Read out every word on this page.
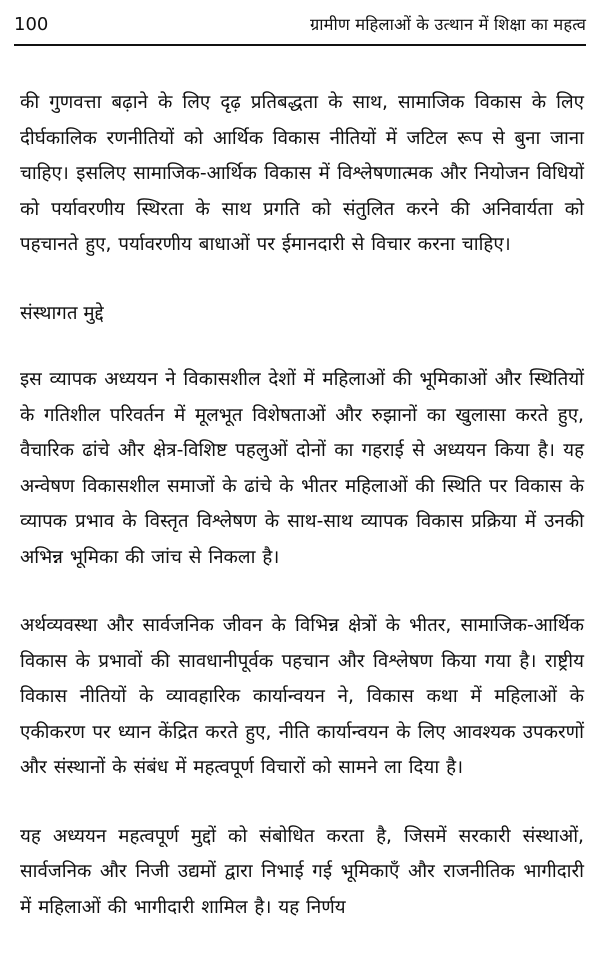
100	ग्रामीण महिलाओं के उत्थान में शिक्षा का महत्व

की गुणवत्ता बढ़ाने के लिए दृढ़ प्रतिबद्धता के साथ, सामाजिक विकास के लिए दीर्घकालिक रणनीतियों को आर्थिक विकास नीतियों में जटिल रूप से बुना जाना चाहिए। इसलिए सामाजिक-आर्थिक विकास में विश्लेषणात्मक और नियोजन विधियों को पर्यावरणीय स्थिरता के साथ प्रगति को संतुलित करने की अनिवार्यता को पहचानते हुए, पर्यावरणीय बाधाओं पर ईमानदारी से विचार करना चाहिए।

संस्थागत मुद्दे

इस व्यापक अध्ययन ने विकासशील देशों में महिलाओं की भूमिकाओं और स्थितियों के गतिशील परिवर्तन में मूलभूत विशेषताओं और रुझानों का खुलासा करते हुए, वैचारिक ढांचे और क्षेत्र-विशिष्ट पहलुओं दोनों का गहराई से अध्ययन किया है। यह अन्वेषण विकासशील समाजों के ढांचे के भीतर महिलाओं की स्थिति पर विकास के व्यापक प्रभाव के विस्तृत विश्लेषण के साथ-साथ व्यापक विकास प्रक्रिया में उनकी अभिन्न भूमिका की जांच से निकला है।

अर्थव्यवस्था और सार्वजनिक जीवन के विभिन्न क्षेत्रों के भीतर, सामाजिक-आर्थिक विकास के प्रभावों की सावधानीपूर्वक पहचान और विश्लेषण किया गया है। राष्ट्रीय विकास नीतियों के व्यावहारिक कार्यान्वयन ने, विकास कथा में महिलाओं के एकीकरण पर ध्यान केंद्रित करते हुए, नीति कार्यान्वयन के लिए आवश्यक उपकरणों और संस्थानों के संबंध में महत्वपूर्ण विचारों को सामने ला दिया है।

यह अध्ययन महत्वपूर्ण मुद्दों को संबोधित करता है, जिसमें सरकारी संस्थाओं, सार्वजनिक और निजी उद्यमों द्वारा निभाई गई भूमिकाएँ और राजनीतिक भागीदारी में महिलाओं की भागीदारी शामिल है। यह निर्णय
